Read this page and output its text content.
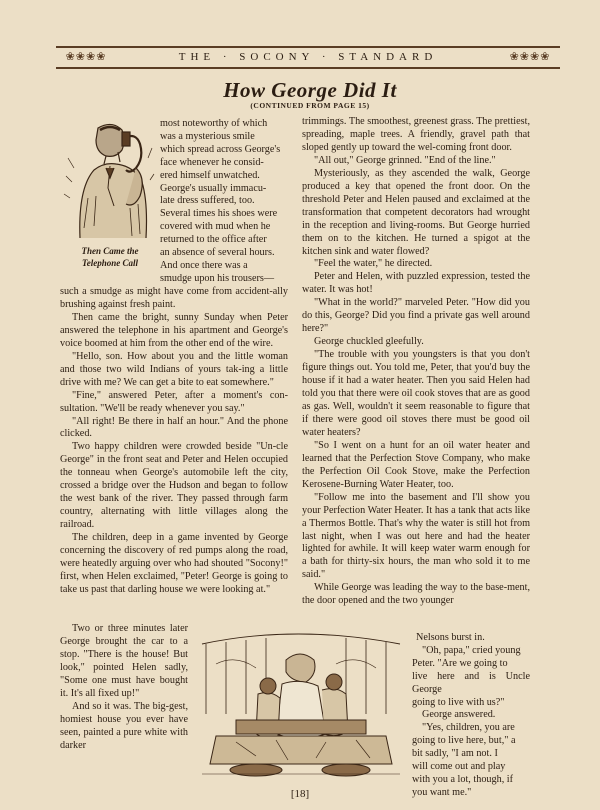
❀❀❀❀	THE · SOCONY · STANDARD	❀❀❀❀
How George Did It
(CONTINUED FROM PAGE 15)
Then Came the
Telephone Call
most noteworthy of which
was a mysterious smile
which spread across George's
face whenever he consid-
ered himself unwatched.
George's usually immacu-
late dress suffered, too.
Several times his shoes were
covered with mud when he
returned to the office after
an absence of several hours.
And once there was a
smudge upon his trousers—

such a smudge as might have come from accident-ally brushing against fresh paint.

Then came the bright, sunny Sunday when Peter answered the telephone in his apartment and George's voice boomed at him from the other end of the wire.

"Hello, son. How about you and the little woman and those two wild Indians of yours tak-ing a little drive with me? We can get a bite to eat somewhere."

"Fine," answered Peter, after a moment's con-sultation. "We'll be ready whenever you say."

"All right! Be there in half an hour." And the phone clicked.

Two happy children were crowded beside "Un-cle George" in the front seat and Peter and Helen occupied the tonneau when George's automobile left the city, crossed a bridge over the Hudson and began to follow the west bank of the river. They passed through farm country, alternating with little villages along the railroad.

The children, deep in a game invented by George concerning the discovery of red pumps along the road, were heatedly arguing over who had shouted "Socony!" first, when Helen exclaimed, "Peter! George is going to take us past that darling house we were looking at."

Two or three minutes later George brought the car to a stop. "There is the house! But look," pointed Helen sadly, "Some one must have bought it. It's all fixed up!"

And so it was. The big-gest, homiest house you ever have seen, painted a pure white with darker

trimmings. The smoothest, greenest grass. The prettiest, spreading, maple trees. A friendly, gravel path that sloped gently up toward the wel-coming front door.

"All out," George grinned. "End of the line."

Mysteriously, as they ascended the walk, George produced a key that opened the front door. On the threshold Peter and Helen paused and exclaimed at the transformation that competent decorators had wrought in the reception and living-rooms. But George hurried them on to the kitchen. He turned a spigot at the kitchen sink and water flowed?

"Feel the water," he directed.

Peter and Helen, with puzzled expression, tested the water. It was hot!

"What in the world?" marveled Peter. "How did you do this, George? Did you find a private gas well around here?"

George chuckled gleefully.

"The trouble with you youngsters is that you don't figure things out. You told me, Peter, that you'd buy the house if it had a water heater. Then you said Helen had told you that there were oil cook stoves that are as good as gas. Well, wouldn't it seem reasonable to figure that if there were good oil stoves there must be good oil water heaters?

"So I went on a hunt for an oil water heater and learned that the Perfection Stove Company, who make the Perfection Oil Cook Stove, make the Perfection Kerosene-Burning Water Heater, too.

"Follow me into the basement and I'll show you your Perfection Water Heater. It has a tank that acts like a Thermos Bottle. That's why the water is still hot from last night, when I was out here and had the heater lighted for awhile. It will keep water warm enough for a bath for thirty-six hours, the man who sold it to me said."

While George was leading the way to the base-ment, the door opened and the two younger

Nelsons burst in.
"Oh, papa," cried young
Peter. "Are we going to
live here and is Uncle George
going to live with us?"
George answered.
"Yes, children, you are
going to live here, but," a
bit sadly, "I am not. I
will come out and play
with you a lot, though, if
you want me."
[18]
